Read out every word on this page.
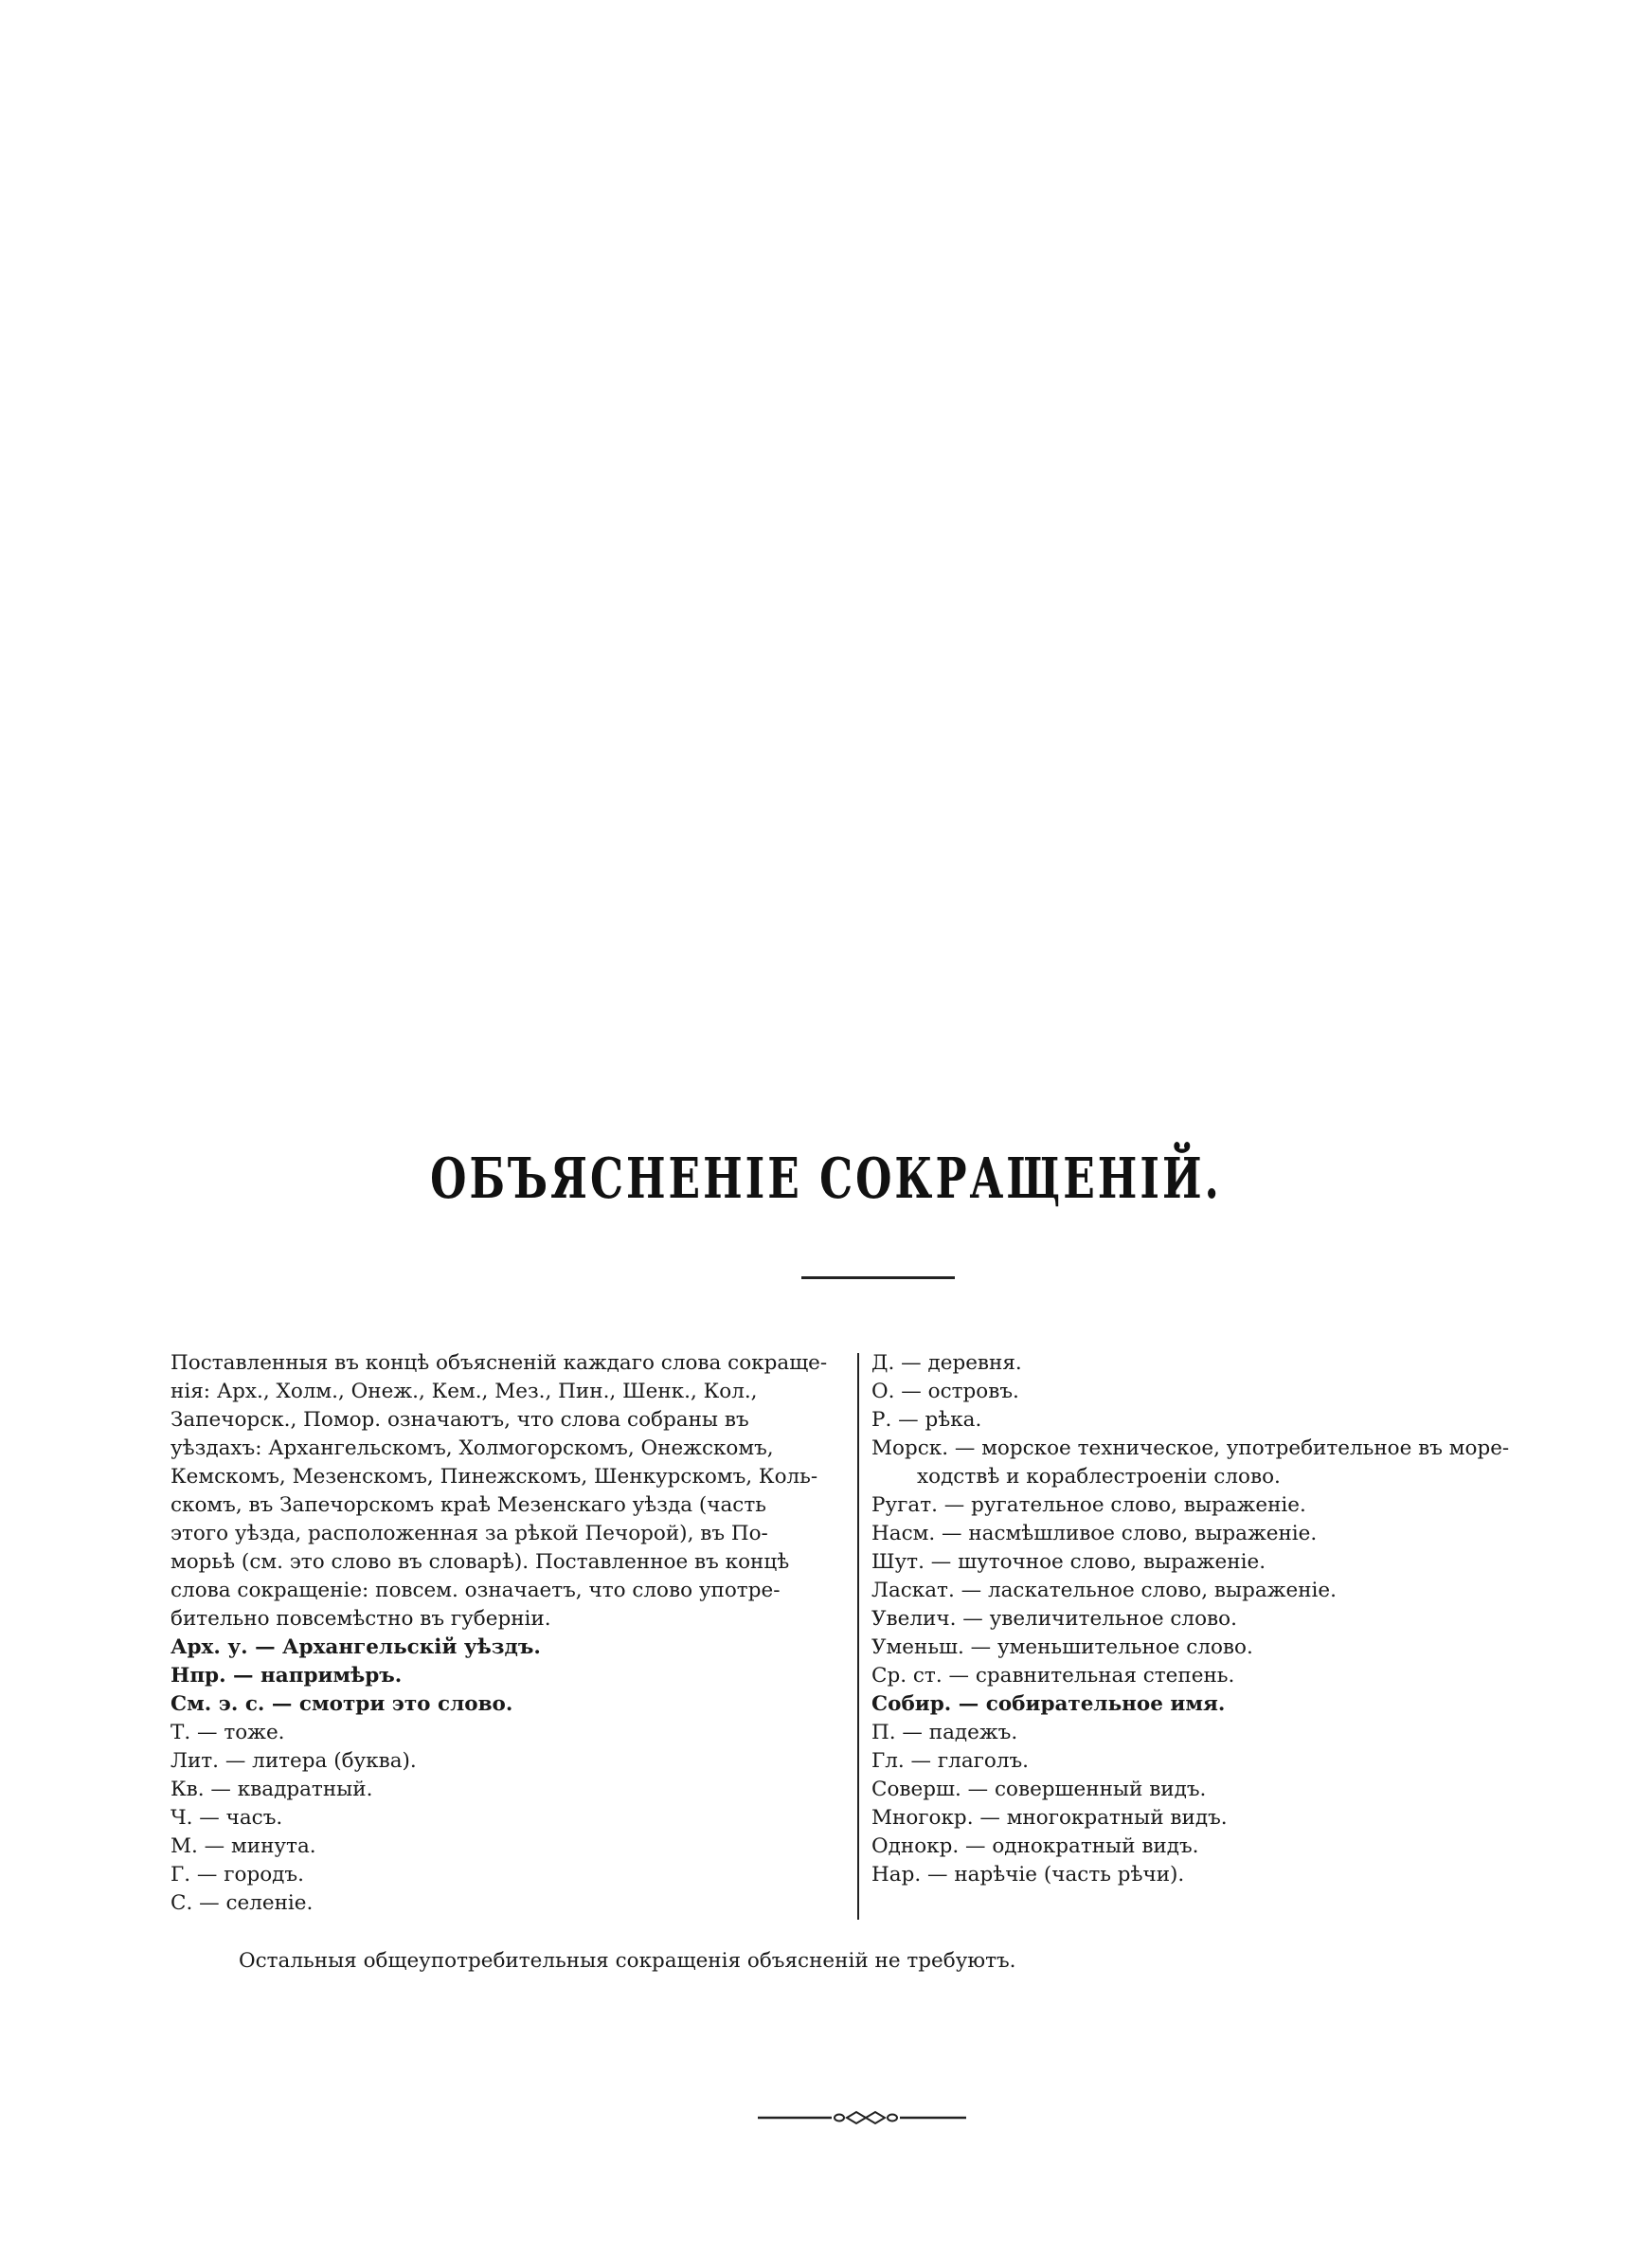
ОБЪЯСНЕНІЕ СОКРАЩЕНІЙ.

Поставленныя въ концѣ объясненій каждаго слова сокраще-
нія: Арх., Холм., Онеж., Кем., Мез., Пин., Шенк., Кол.,
Запечорск., Помор. означаютъ, что слова собраны въ
уѣздахъ: Архангельскомъ, Холмогорскомъ, Онежскомъ,
Кемскомъ, Мезенскомъ, Пинежскомъ, Шенкурскомъ, Коль-
скомъ, въ Запечорскомъ краѣ Мезенскаго уѣзда (часть
этого уѣзда, расположенная за рѣкой Печорой), въ По-
морьѣ (см. это слово въ словарѣ). Поставленное въ концѣ
слова сокращеніе: повсем. означаетъ, что слово употре-
бительно повсемѣстно въ губерніи.

Арх. у. — Архангельскій уѣздъ.

Нпр. — напримѣръ.

См. э. с. — смотри это слово.

Т. — тоже.

Лит. — литера (буква).

Кв. — квадратный.

Ч. — часъ.

М. — минута.

Г. — городъ.

С. — селеніе.

Д. — деревня.

О. — островъ.

Р. — рѣка.

Морск. — морское техническое, употребительное въ море-
ходствѣ и кораблестроеніи слово.

Ругат. — ругательное слово, выраженіе.

Насм. — насмѣшливое слово, выраженіе.

Шут. — шуточное слово, выраженіе.

Ласкат. — ласкательное слово, выраженіе.

Увелич. — увеличительное слово.

Уменьш. — уменьшительное слово.

Ср. ст. — сравнительная степень.

Собир. — собирательное имя.

П. — падежъ.

Гл. — глаголъ.

Соверш. — совершенный видъ.

Многокр. — многократный видъ.

Однокр. — однократный видъ.

Нар. — нарѣчіе (часть рѣчи).

Остальныя общеупотребительныя сокращенія объясненій не требуютъ.
